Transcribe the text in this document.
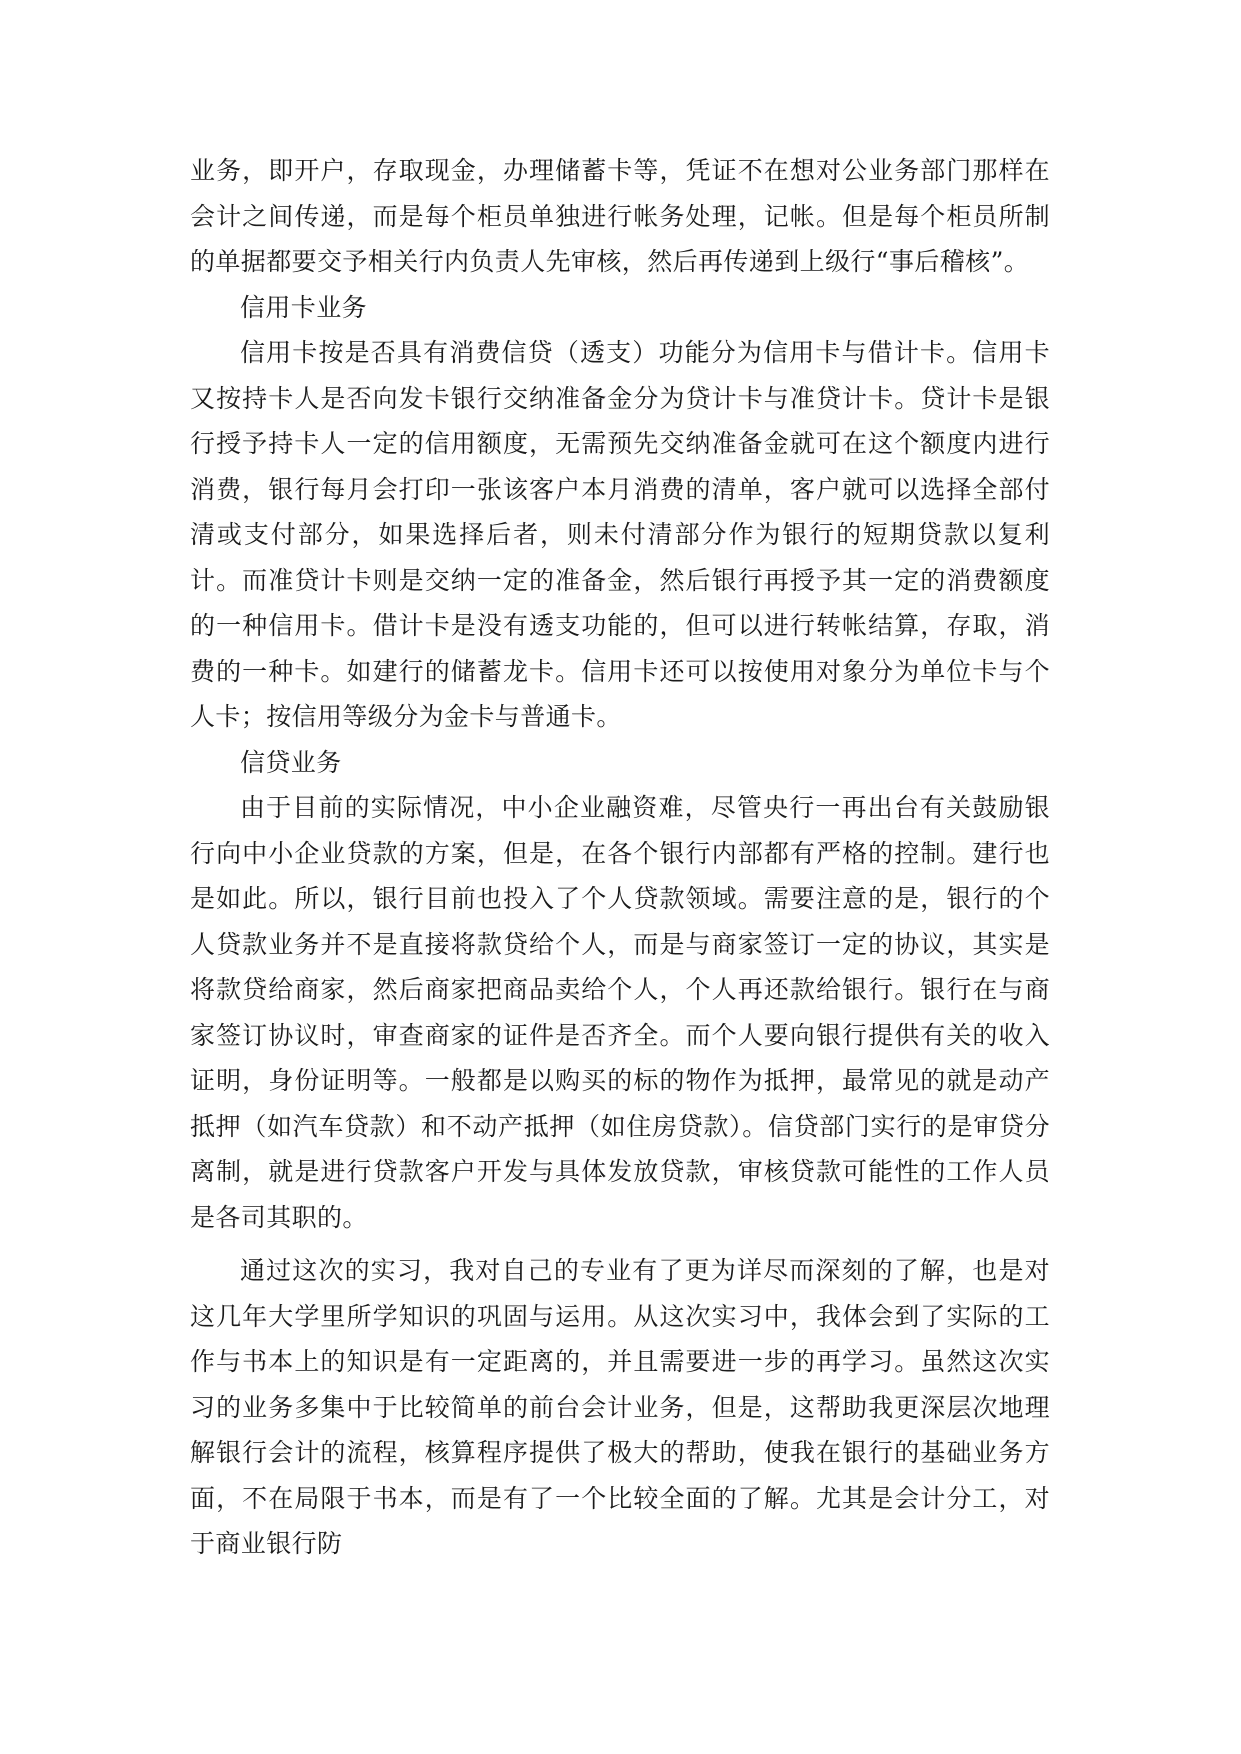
业务，即开户，存取现金，办理储蓄卡等，凭证不在想对公业务部门那样在会计之间传递，而是每个柜员单独进行帐务处理，记帐。但是每个柜员所制的单据都要交予相关行内负责人先审核，然后再传递到上级行“事后稽核”。

信用卡业务

信用卡按是否具有消费信贷（透支）功能分为信用卡与借计卡。信用卡又按持卡人是否向发卡银行交纳准备金分为贷计卡与准贷计卡。贷计卡是银行授予持卡人一定的信用额度，无需预先交纳准备金就可在这个额度内进行消费，银行每月会打印一张该客户本月消费的清单，客户就可以选择全部付清或支付部分，如果选择后者，则未付清部分作为银行的短期贷款以复利计。而准贷计卡则是交纳一定的准备金，然后银行再授予其一定的消费额度的一种信用卡。借计卡是没有透支功能的，但可以进行转帐结算，存取，消费的一种卡。如建行的储蓄龙卡。信用卡还可以按使用对象分为单位卡与个人卡；按信用等级分为金卡与普通卡。

信贷业务

由于目前的实际情况，中小企业融资难，尽管央行一再出台有关鼓励银行向中小企业贷款的方案，但是，在各个银行内部都有严格的控制。建行也是如此。所以，银行目前也投入了个人贷款领域。需要注意的是，银行的个人贷款业务并不是直接将款贷给个人，而是与商家签订一定的协议，其实是将款贷给商家，然后商家把商品卖给个人，个人再还款给银行。银行在与商家签订协议时，审查商家的证件是否齐全。而个人要向银行提供有关的收入证明，身份证明等。一般都是以购买的标的物作为抵押，最常见的就是动产抵押（如汽车贷款）和不动产抵押（如住房贷款）。信贷部门实行的是审贷分离制，就是进行贷款客户开发与具体发放贷款，审核贷款可能性的工作人员是各司其职的。

通过这次的实习，我对自己的专业有了更为详尽而深刻的了解，也是对这几年大学里所学知识的巩固与运用。从这次实习中，我体会到了实际的工作与书本上的知识是有一定距离的，并且需要进一步的再学习。虽然这次实习的业务多集中于比较简单的前台会计业务，但是，这帮助我更深层次地理解银行会计的流程，核算程序提供了极大的帮助，使我在银行的基础业务方面，不在局限于书本，而是有了一个比较全面的了解。尤其是会计分工，对于商业银行防
